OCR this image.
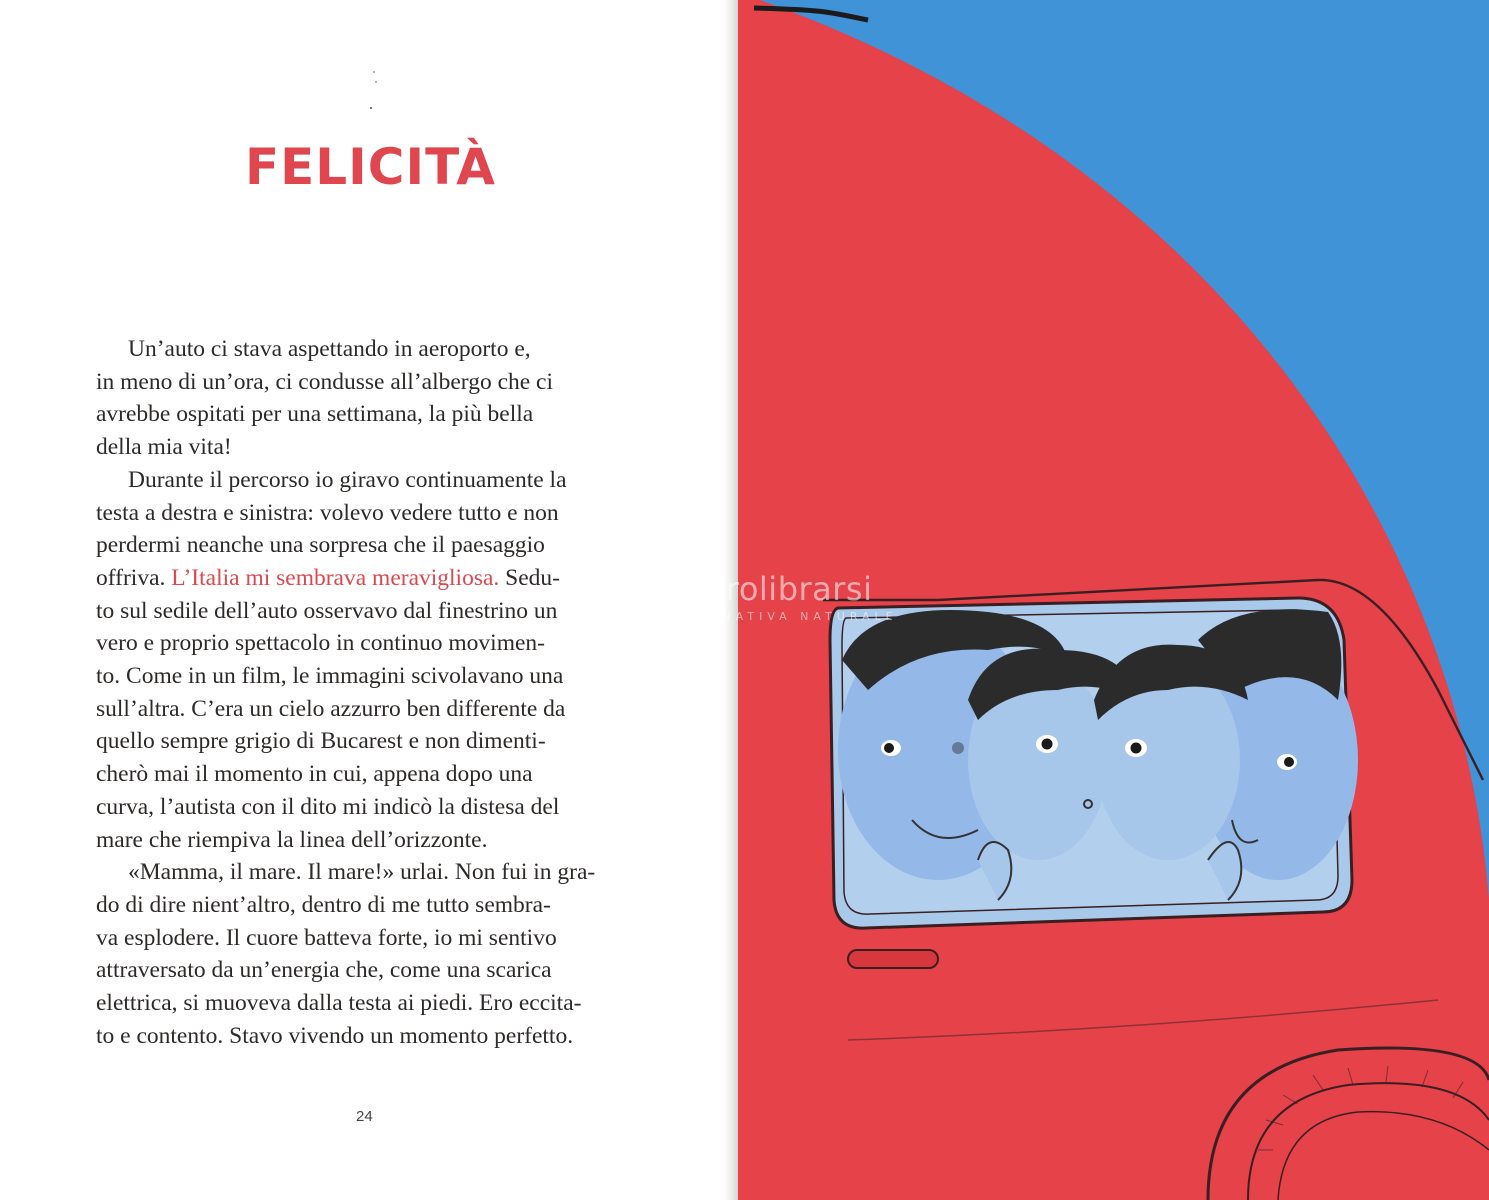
FELICITÀ

Un’auto ci stava aspettando in aeroporto e,
in meno di un’ora, ci condusse all’albergo che ci
avrebbe ospitati per una settimana, la più bella
della mia vita!

Durante il percorso io giravo continuamente la
testa a destra e sinistra: volevo vedere tutto e non
perdermi neanche una sorpresa che il paesaggio
offriva. L’Italia mi sembrava meravigliosa. Sedu-
to sul sedile dell’auto osservavo dal finestrino un
vero e proprio spettacolo in continuo movimen-
to. Come in un film, le immagini scivolavano una
sull’altra. C’era un cielo azzurro ben differente da
quello sempre grigio di Bucarest e non dimenti-
cherò mai il momento in cui, appena dopo una
curva, l’autista con il dito mi indicò la distesa del
mare che riempiva la linea dell’orizzonte.

«Mamma, il mare. Il mare!» urlai. Non fui in gra-
do di dire nient’altro, dentro di me tutto sembra-
va esplodere. Il cuore batteva forte, io mi sentivo
attraversato da un’energia che, come una scarica
elettrica, si muoveva dalla testa ai piedi. Ero eccita-
to e contento. Stavo vivendo un momento perfetto.

24
macrolibrarsi
ALTERNATIVA NATURALE
